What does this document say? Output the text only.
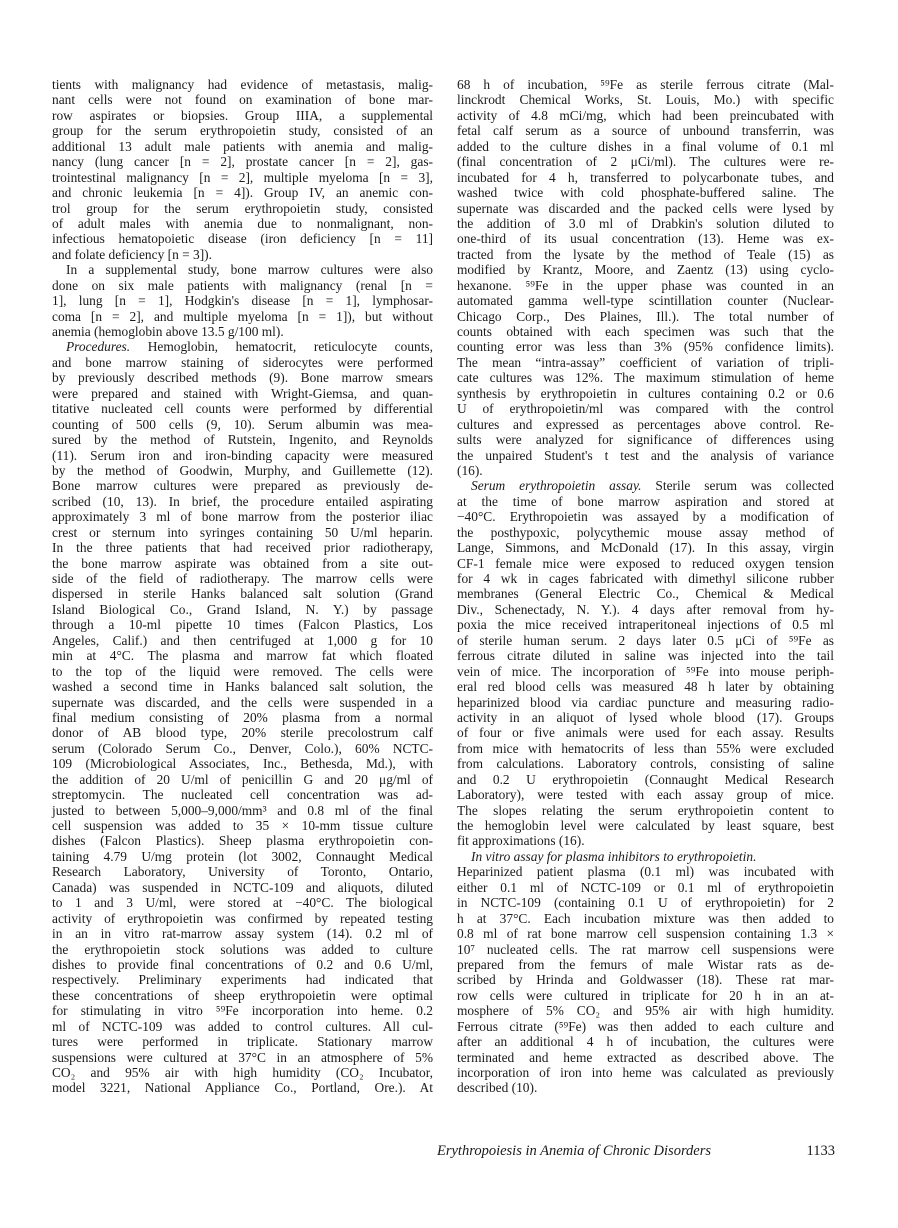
tients with malignancy had evidence of metastasis, malig-
nant cells were not found on examination of bone mar-
row aspirates or biopsies. Group IIIA, a supplemental
group for the serum erythropoietin study, consisted of an
additional 13 adult male patients with anemia and malig-
nancy (lung cancer [n = 2], prostate cancer [n = 2], gas-
trointestinal malignancy [n = 2], multiple myeloma [n = 3],
and chronic leukemia [n = 4]). Group IV, an anemic con-
trol group for the serum erythropoietin study, consisted
of adult males with anemia due to nonmalignant, non-
infectious hematopoietic disease (iron deficiency [n = 11]
and folate deficiency [n = 3]).
In a supplemental study, bone marrow cultures were also
done on six male patients with malignancy (renal [n =
1], lung [n = 1], Hodgkin's disease [n = 1], lymphosar-
coma [n = 2], and multiple myeloma [n = 1]), but without
anemia (hemoglobin above 13.5 g/100 ml).
Procedures. Hemoglobin, hematocrit, reticulocyte counts,
and bone marrow staining of siderocytes were performed
by previously described methods (9). Bone marrow smears
were prepared and stained with Wright-Giemsa, and quan-
titative nucleated cell counts were performed by differential
counting of 500 cells (9, 10). Serum albumin was mea-
sured by the method of Rutstein, Ingenito, and Reynolds
(11). Serum iron and iron-binding capacity were measured
by the method of Goodwin, Murphy, and Guillemette (12).
Bone marrow cultures were prepared as previously de-
scribed (10, 13). In brief, the procedure entailed aspirating
approximately 3 ml of bone marrow from the posterior iliac
crest or sternum into syringes containing 50 U/ml heparin.
In the three patients that had received prior radiotherapy,
the bone marrow aspirate was obtained from a site out-
side of the field of radiotherapy. The marrow cells were
dispersed in sterile Hanks balanced salt solution (Grand
Island Biological Co., Grand Island, N. Y.) by passage
through a 10-ml pipette 10 times (Falcon Plastics, Los
Angeles, Calif.) and then centrifuged at 1,000 g for 10
min at 4°C. The plasma and marrow fat which floated
to the top of the liquid were removed. The cells were
washed a second time in Hanks balanced salt solution, the
supernate was discarded, and the cells were suspended in a
final medium consisting of 20% plasma from a normal
donor of AB blood type, 20% sterile precolostrum calf
serum (Colorado Serum Co., Denver, Colo.), 60% NCTC-
109 (Microbiological Associates, Inc., Bethesda, Md.), with
the addition of 20 U/ml of penicillin G and 20 μg/ml of
streptomycin. The nucleated cell concentration was ad-
justed to between 5,000–9,000/mm³ and 0.8 ml of the final
cell suspension was added to 35 × 10-mm tissue culture
dishes (Falcon Plastics). Sheep plasma erythropoietin con-
taining 4.79 U/mg protein (lot 3002, Connaught Medical
Research Laboratory, University of Toronto, Ontario,
Canada) was suspended in NCTC-109 and aliquots, diluted
to 1 and 3 U/ml, were stored at −40°C. The biological
activity of erythropoietin was confirmed by repeated testing
in an in vitro rat-marrow assay system (14). 0.2 ml of
the erythropoietin stock solutions was added to culture
dishes to provide final concentrations of 0.2 and 0.6 U/ml,
respectively. Preliminary experiments had indicated that
these concentrations of sheep erythropoietin were optimal
for stimulating in vitro ⁵⁹Fe incorporation into heme. 0.2
ml of NCTC-109 was added to control cultures. All cul-
tures were performed in triplicate. Stationary marrow
suspensions were cultured at 37°C in an atmosphere of 5%
CO₂ and 95% air with high humidity (CO₂ Incubator,
model 3221, National Appliance Co., Portland, Ore.). At
68 h of incubation, ⁵⁹Fe as sterile ferrous citrate (Mal-
linckrodt Chemical Works, St. Louis, Mo.) with specific
activity of 4.8 mCi/mg, which had been preincubated with
fetal calf serum as a source of unbound transferrin, was
added to the culture dishes in a final volume of 0.1 ml
(final concentration of 2 μCi/ml). The cultures were re-
incubated for 4 h, transferred to polycarbonate tubes, and
washed twice with cold phosphate-buffered saline. The
supernate was discarded and the packed cells were lysed by
the addition of 3.0 ml of Drabkin's solution diluted to
one-third of its usual concentration (13). Heme was ex-
tracted from the lysate by the method of Teale (15) as
modified by Krantz, Moore, and Zaentz (13) using cyclo-
hexanone. ⁵⁹Fe in the upper phase was counted in an
automated gamma well-type scintillation counter (Nuclear-
Chicago Corp., Des Plaines, Ill.). The total number of
counts obtained with each specimen was such that the
counting error was less than 3% (95% confidence limits).
The mean “intra-assay” coefficient of variation of tripli-
cate cultures was 12%. The maximum stimulation of heme
synthesis by erythropoietin in cultures containing 0.2 or 0.6
U of erythropoietin/ml was compared with the control
cultures and expressed as percentages above control. Re-
sults were analyzed for significance of differences using
the unpaired Student's t test and the analysis of variance
(16).
Serum erythropoietin assay. Sterile serum was collected
at the time of bone marrow aspiration and stored at
−40°C. Erythropoietin was assayed by a modification of
the posthypoxic, polycythemic mouse assay method of
Lange, Simmons, and McDonald (17). In this assay, virgin
CF-1 female mice were exposed to reduced oxygen tension
for 4 wk in cages fabricated with dimethyl silicone rubber
membranes (General Electric Co., Chemical & Medical
Div., Schenectady, N. Y.). 4 days after removal from hy-
poxia the mice received intraperitoneal injections of 0.5 ml
of sterile human serum. 2 days later 0.5 μCi of ⁵⁹Fe as
ferrous citrate diluted in saline was injected into the tail
vein of mice. The incorporation of ⁵⁹Fe into mouse periph-
eral red blood cells was measured 48 h later by obtaining
heparinized blood via cardiac puncture and measuring radio-
activity in an aliquot of lysed whole blood (17). Groups
of four or five animals were used for each assay. Results
from mice with hematocrits of less than 55% were excluded
from calculations. Laboratory controls, consisting of saline
and 0.2 U erythropoietin (Connaught Medical Research
Laboratory), were tested with each assay group of mice.
The slopes relating the serum erythropoietin content to
the hemoglobin level were calculated by least square, best
fit approximations (16).
In vitro assay for plasma inhibitors to erythropoietin.
Heparinized patient plasma (0.1 ml) was incubated with
either 0.1 ml of NCTC-109 or 0.1 ml of erythropoietin
in NCTC-109 (containing 0.1 U of erythropoietin) for 2
h at 37°C. Each incubation mixture was then added to
0.8 ml of rat bone marrow cell suspension containing 1.3 ×
10⁷ nucleated cells. The rat marrow cell suspensions were
prepared from the femurs of male Wistar rats as de-
scribed by Hrinda and Goldwasser (18). These rat mar-
row cells were cultured in triplicate for 20 h in an at-
mosphere of 5% CO₂ and 95% air with high humidity.
Ferrous citrate (⁵⁹Fe) was then added to each culture and
after an additional 4 h of incubation, the cultures were
terminated and heme extracted as described above. The
incorporation of iron into heme was calculated as previously
described (10).
Erythropoiesis in Anemia of Chronic Disorders	1133
